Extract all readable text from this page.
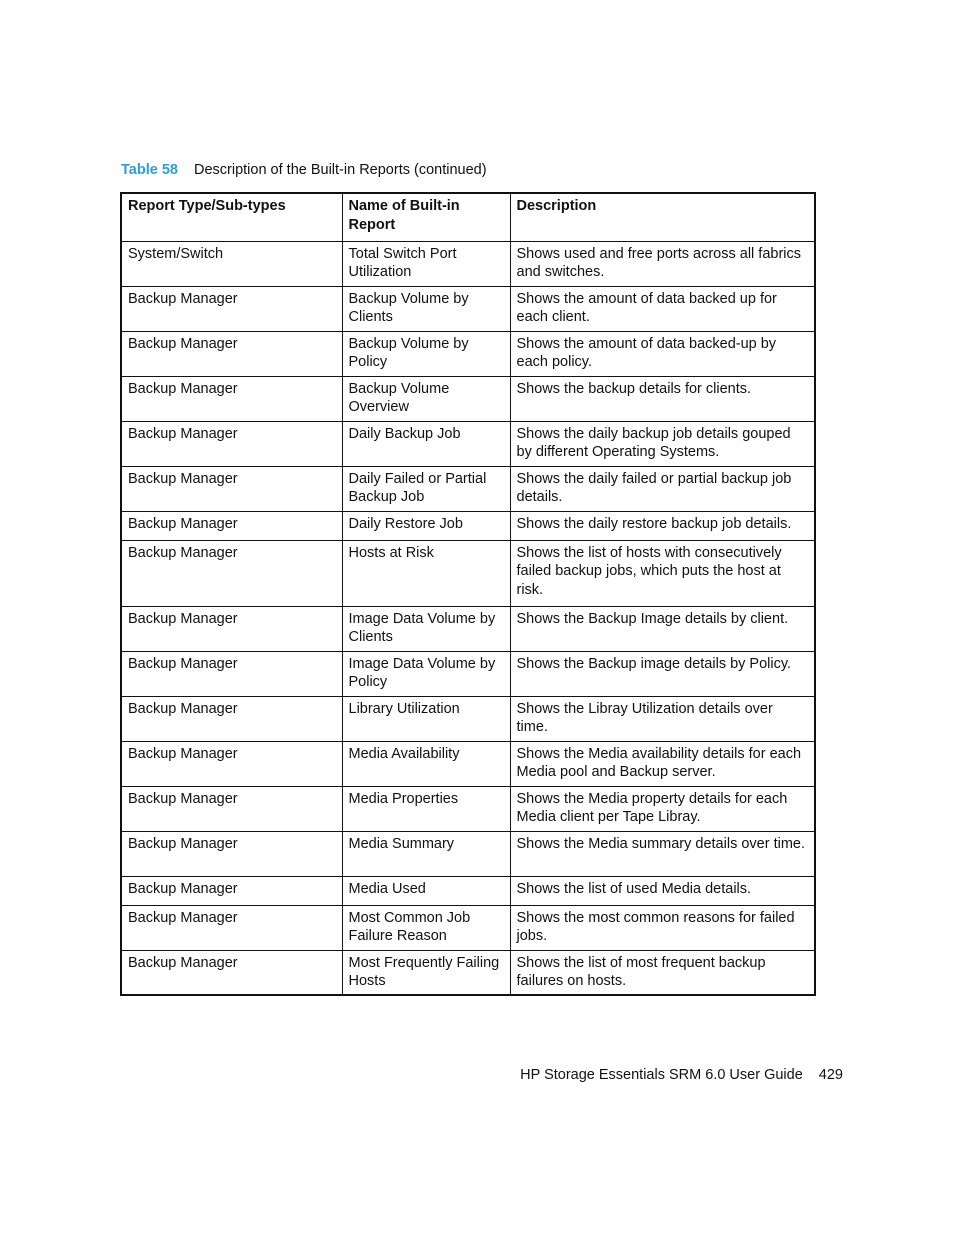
Table 58 Description of the Built-in Reports (continued)
Report Type/Sub-types	Name of Built-in Report	Description
System/Switch	Total Switch Port Utilization	Shows used and free ports across all fabrics and switches.
Backup Manager	Backup Volume by Clients	Shows the amount of data backed up for each client.
Backup Manager	Backup Volume by Policy	Shows the amount of data backed-up by each policy.
Backup Manager	Backup Volume Overview	Shows the backup details for clients.
Backup Manager	Daily Backup Job	Shows the daily backup job details gouped by different Operating Systems.
Backup Manager	Daily Failed or Partial Backup Job	Shows the daily failed or partial backup job details.
Backup Manager	Daily Restore Job	Shows the daily restore backup job details.
Backup Manager	Hosts at Risk	Shows the list of hosts with consecutively failed backup jobs, which puts the host at risk.
Backup Manager	Image Data Volume by Clients	Shows the Backup Image details by client.
Backup Manager	Image Data Volume by Policy	Shows the Backup image details by Policy.
Backup Manager	Library Utilization	Shows the Libray Utilization details over time.
Backup Manager	Media Availability	Shows the Media availability details for each Media pool and Backup server.
Backup Manager	Media Properties	Shows the Media property details for each Media client per Tape Libray.
Backup Manager	Media Summary	Shows the Media summary details over time.
Backup Manager	Media Used	Shows the list of used Media details.
Backup Manager	Most Common Job Failure Reason	Shows the most common reasons for failed jobs.
Backup Manager	Most Frequently Failing Hosts	Shows the list of most frequent backup failures on hosts.
HP Storage Essentials SRM 6.0 User Guide 429
